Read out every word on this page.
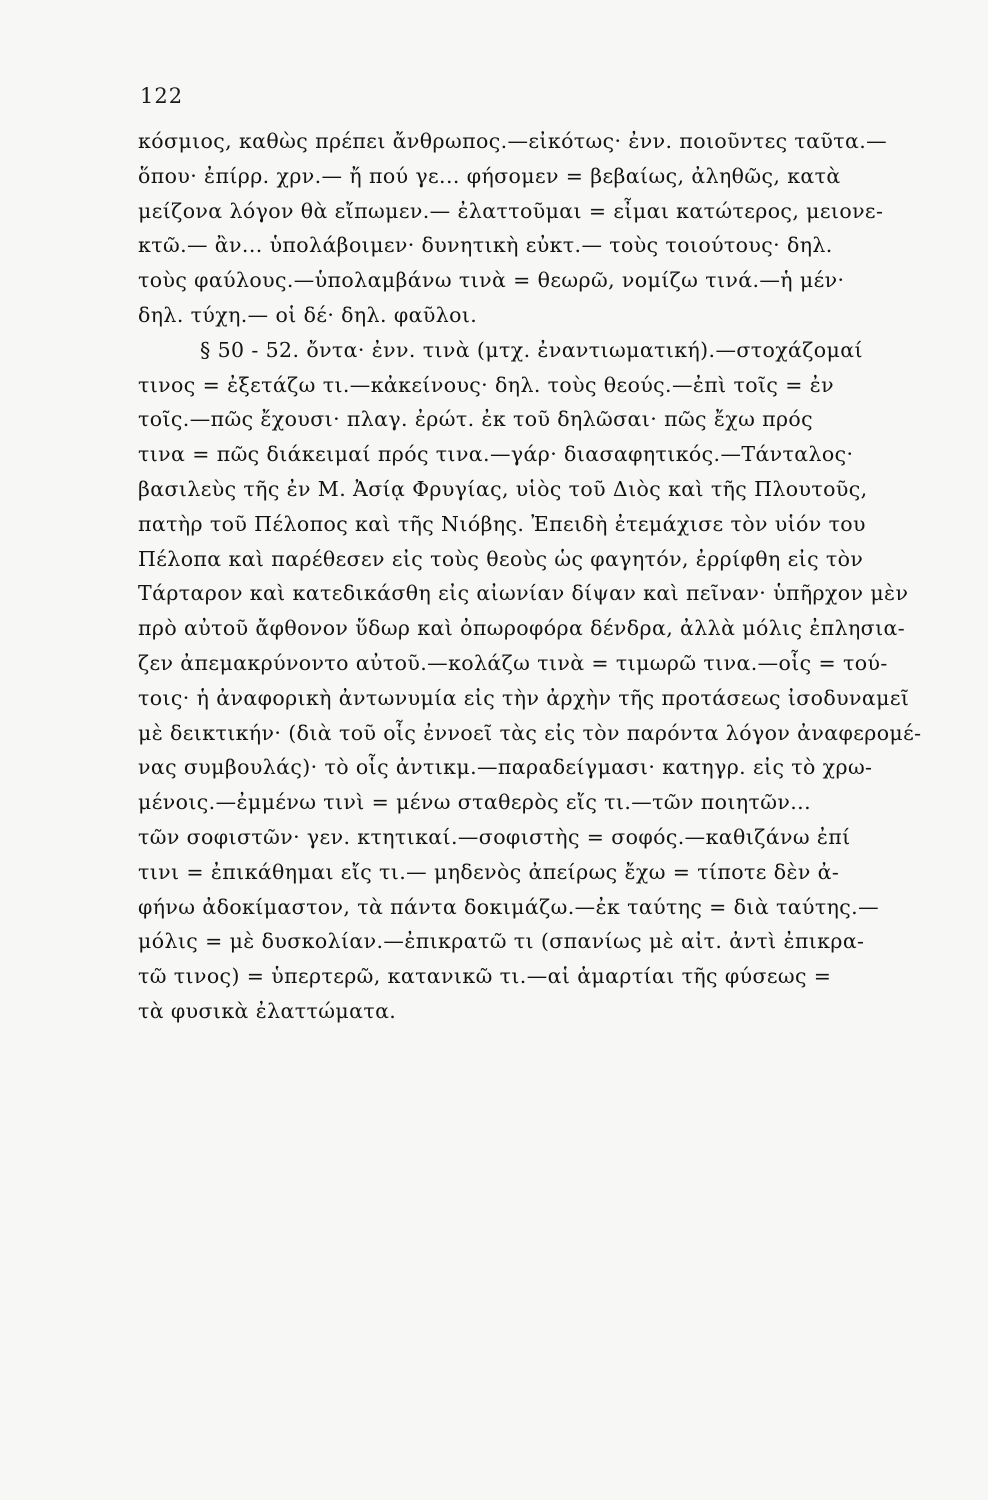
122
κόσμιος, καθὼς πρέπει ἄνθρωπος.—εἰκότως· ἐνν. ποιοῦντες ταῦτα.—
ὅπου· ἐπίρρ. χρν.— ἤ πού γε... φήσομεν = βεβαίως, ἀληθῶς, κατὰ
μείζονα λόγον θὰ εἴπωμεν.— ἐλαττοῦμαι = εἶμαι κατώτερος, μειονε-
κτῶ.— ἂν... ὑπολάβοιμεν· δυνητικὴ εὐκτ.— τοὺς τοιούτους· δηλ.
τοὺς φαύλους.—ὑπολαμβάνω τινὰ = θεωρῶ, νομίζω τινά.—ἡ μέν·
δηλ. τύχη.— οἱ δέ· δηλ. φαῦλοι.
§ 50 - 52. ὄντα· ἐνν. τινὰ (μτχ. ἐναντιωματική).—στοχάζομαί
τινος = ἐξετάζω τι.—κἀκείνους· δηλ. τοὺς θεούς.—ἐπὶ τοῖς = ἐν
τοῖς.—πῶς ἔχουσι· πλαγ. ἐρώτ. ἐκ τοῦ δηλῶσαι· πῶς ἔχω πρός
τινα = πῶς διάκειμαί πρός τινα.—γάρ· διασαφητικός.—Τάνταλος·
βασιλεὺς τῆς ἐν Μ. Ἀσίᾳ Φρυγίας, υἱὸς τοῦ Διὸς καὶ τῆς Πλουτοῦς,
πατὴρ τοῦ Πέλοπος καὶ τῆς Νιόβης. Ἐπειδὴ ἐτεμάχισε τὸν υἱόν του
Πέλοπα καὶ παρέθεσεν εἰς τοὺς θεοὺς ὡς φαγητόν, ἐρρίφθη εἰς τὸν
Τάρταρον καὶ κατεδικάσθη εἰς αἰωνίαν δίψαν καὶ πεῖναν· ὑπῆρχον μὲν
πρὸ αὐτοῦ ἄφθονον ὕδωρ καὶ ὀπωροφόρα δένδρα, ἀλλὰ μόλις ἐπλησια-
ζεν ἀπεμακρύνοντο αὐτοῦ.—κολάζω τινὰ = τιμωρῶ τινα.—οἷς = τού-
τοις· ἡ ἀναφορικὴ ἀντωνυμία εἰς τὴν ἀρχὴν τῆς προτάσεως ἰσοδυναμεῖ
μὲ δεικτικήν· (διὰ τοῦ οἷς ἐννοεῖ τὰς εἰς τὸν παρόντα λόγον ἀναφερομέ-
νας συμβουλάς)· τὸ οἷς ἀντικμ.—παραδείγμασι· κατηγρ. εἰς τὸ χρω-
μένοις.—ἐμμένω τινὶ = μένω σταθερὸς εἴς τι.—τῶν ποιητῶν...
τῶν σοφιστῶν· γεν. κτητικαί.—σοφιστὴς = σοφός.—καθιζάνω ἐπί
τινι = ἐπικάθημαι εἴς τι.— μηδενὸς ἀπείρως ἔχω = τίποτε δὲν ἀ-
φήνω ἀδοκίμαστον, τὰ πάντα δοκιμάζω.—ἐκ ταύτης = διὰ ταύτης.—
μόλις = μὲ δυσκολίαν.—ἐπικρατῶ τι (σπανίως μὲ αἰτ. ἀντὶ ἐπικρα-
τῶ τινος) = ὑπερτερῶ, κατανικῶ τι.—αἱ ἁμαρτίαι τῆς φύσεως =
τὰ φυσικὰ ἐλαττώματα.
